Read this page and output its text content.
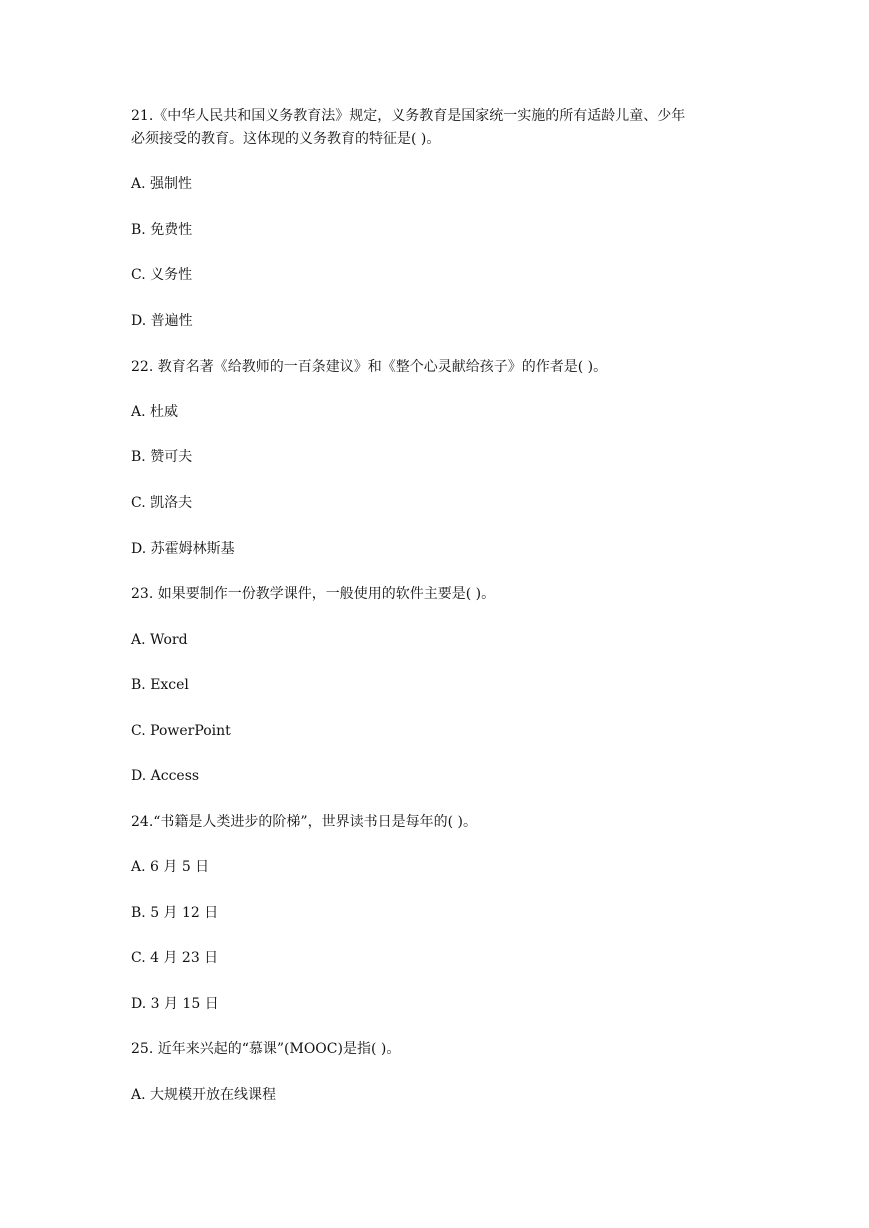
21.《中华人民共和国义务教育法》规定，义务教育是国家统一实施的所有适龄儿童、少年

必须接受的教育。这体现的义务教育的特征是( )。

A. 强制性

B. 免费性

C. 义务性

D. 普遍性

22. 教育名著《给教师的一百条建议》和《整个心灵献给孩子》的作者是( )。

A. 杜威

B. 赞可夫

C. 凯洛夫

D. 苏霍姆林斯基

23. 如果要制作一份教学课件，一般使用的软件主要是( )。

A. Word

B. Excel

C. PowerPoint

D. Access

24.“书籍是人类进步的阶梯”，世界读书日是每年的( )。

A. 6 月 5 日

B. 5 月 12 日

C. 4 月 23 日

D. 3 月 15 日

25. 近年来兴起的“慕课”(MOOC)是指( )。

A. 大规模开放在线课程
